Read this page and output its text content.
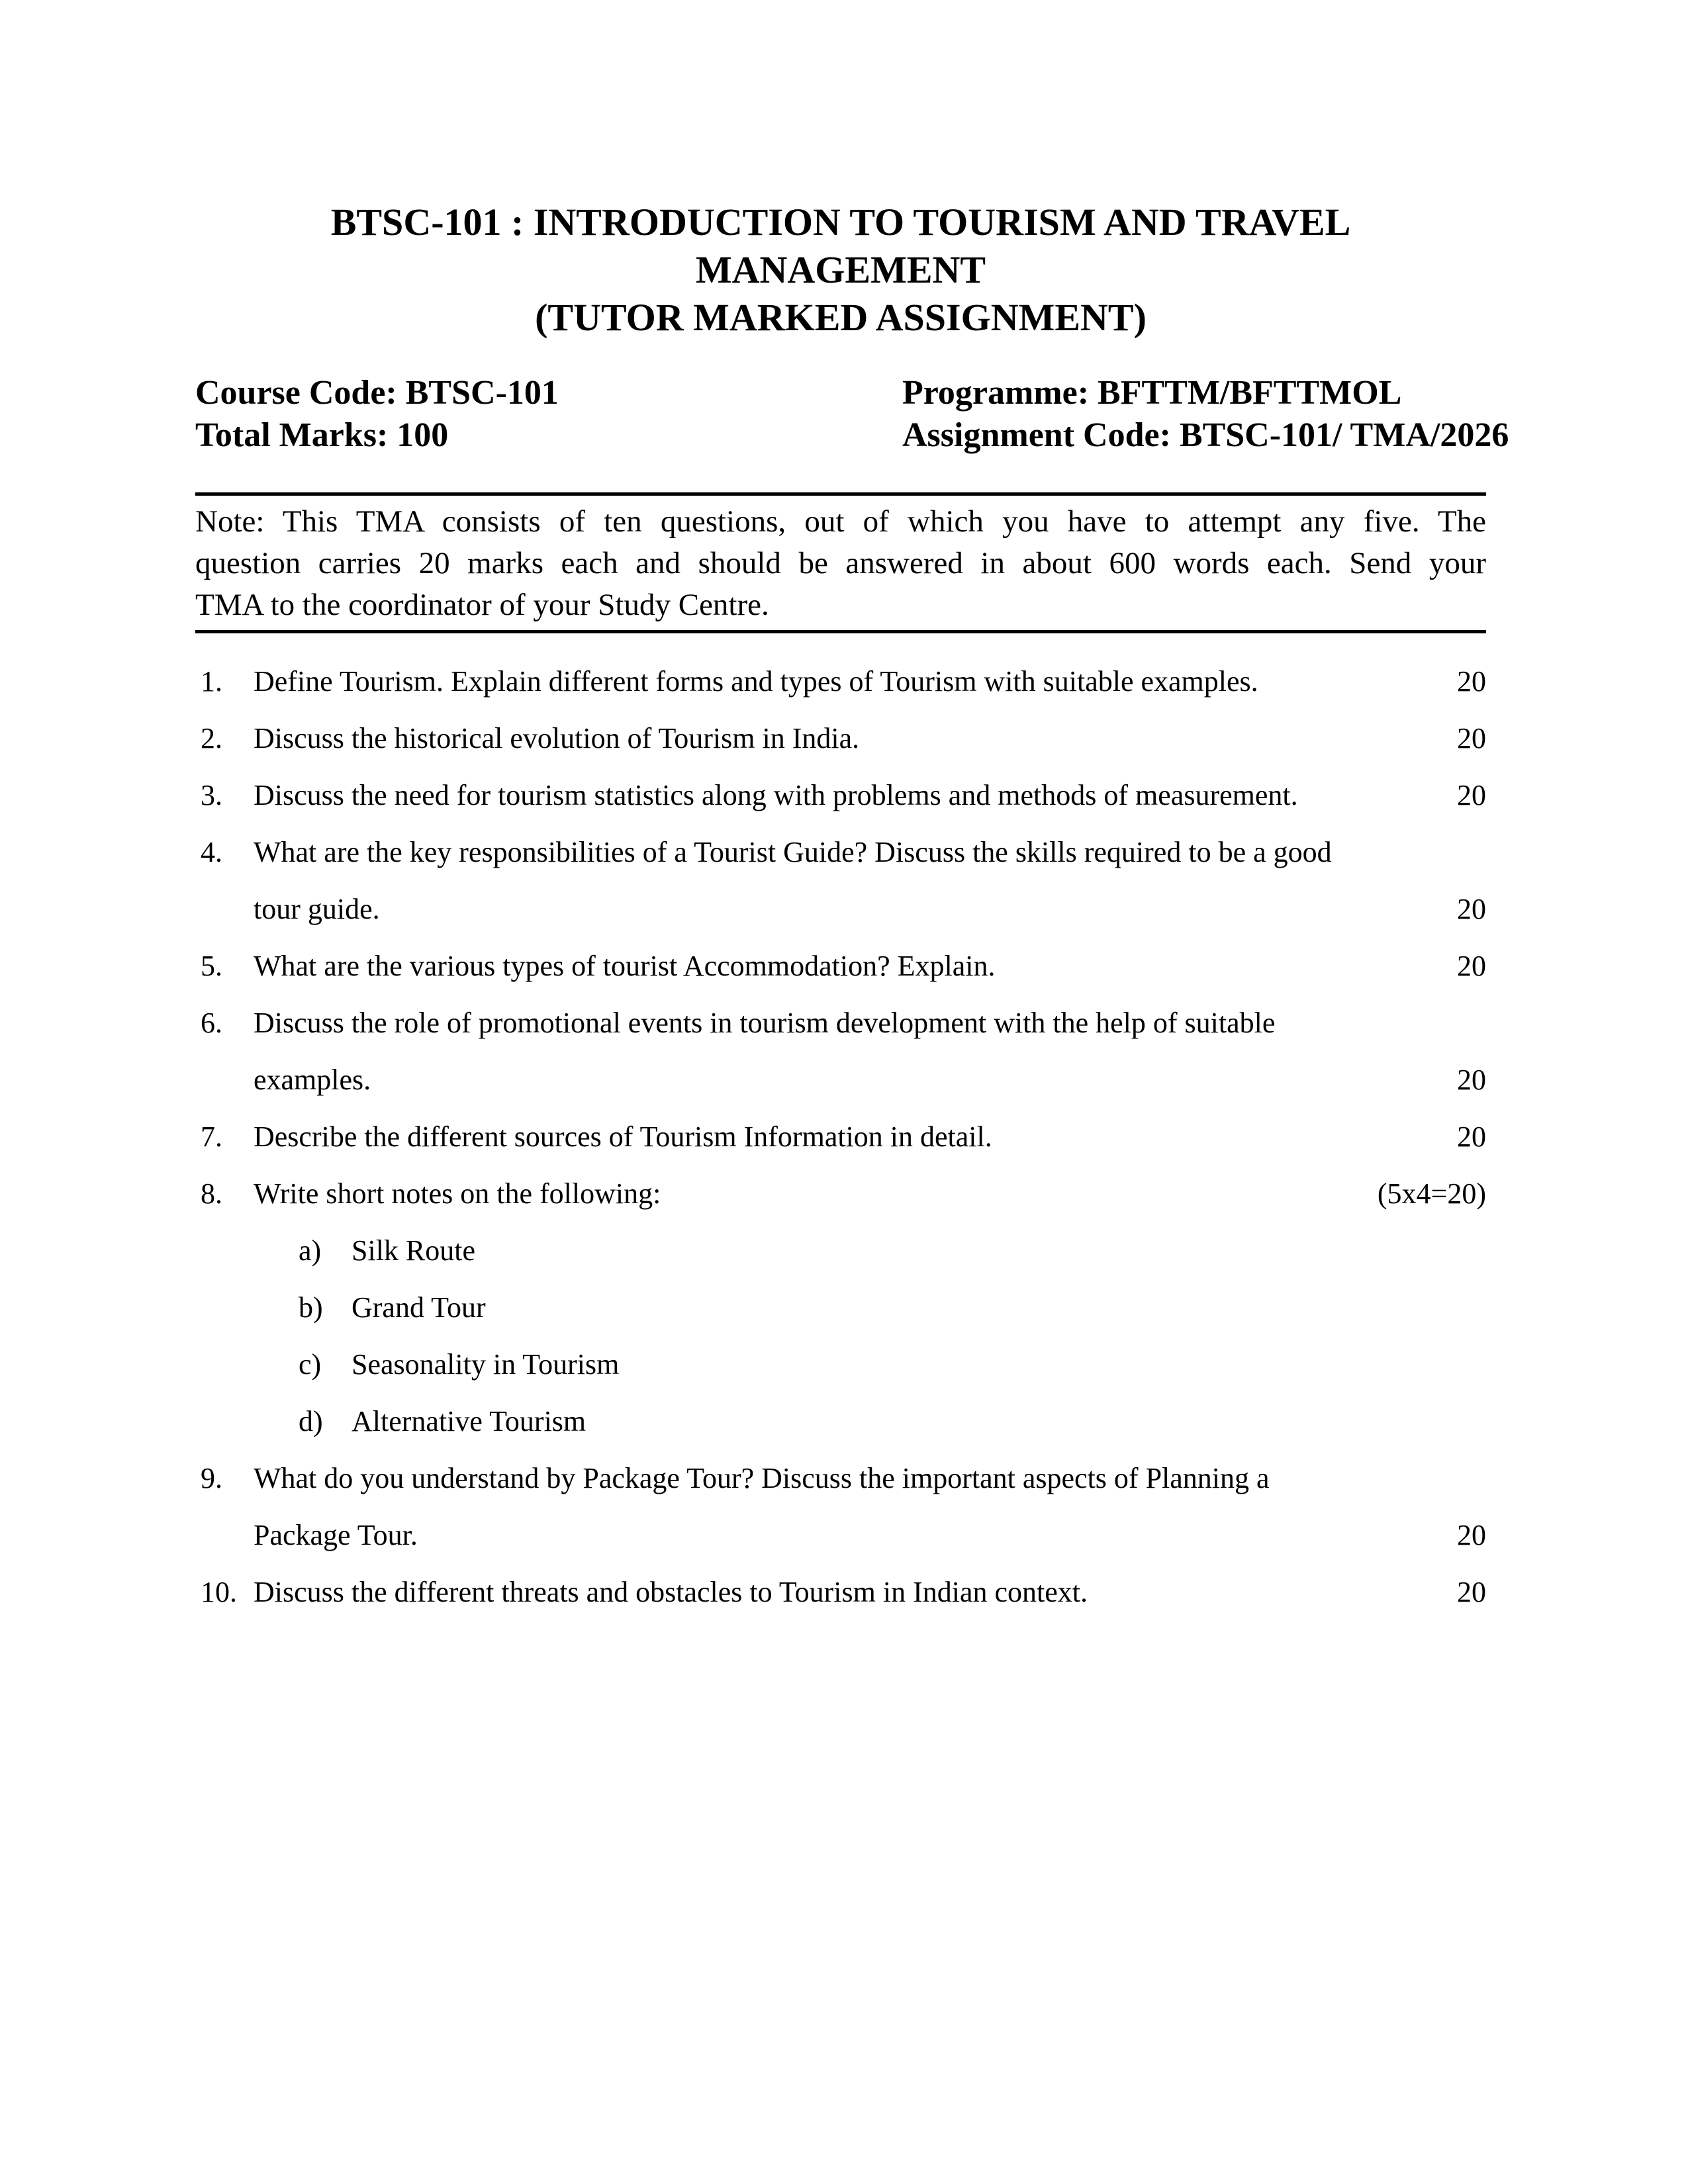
BTSC-101 : INTRODUCTION TO TOURISM AND TRAVEL MANAGEMENT
(TUTOR MARKED ASSIGNMENT)
Course Code: BTSC-101	Programme: BFTTM/BFTTMOL
Total Marks: 100	Assignment Code: BTSC-101/ TMA/2026
Note: This TMA consists of ten questions, out of which you have to attempt any five. The
question carries 20 marks each and should be answered in about 600 words each. Send your
TMA to the coordinator of your Study Centre.
1.	Define Tourism. Explain different forms and types of Tourism with suitable examples.	20
2.	Discuss the historical evolution of Tourism in India.	20
3.	Discuss the need for tourism statistics along with problems and methods of measurement.	20
4.	What are the key responsibilities of a Tourist Guide? Discuss the skills required to be a good
tour guide.	20
5.	What are the various types of tourist Accommodation? Explain.	20
6.	Discuss the role of promotional events in tourism development with the help of suitable
examples.	20
7.	Describe the different sources of Tourism Information in detail.	20
8.	Write short notes on the following:	(5x4=20)
a)	Silk Route
b) Grand Tour
c)	Seasonality in Tourism
d) Alternative Tourism
9.	What do you understand by Package Tour? Discuss the important aspects of Planning a
Package Tour.	20
10. Discuss the different threats and obstacles to Tourism in Indian context.	20
